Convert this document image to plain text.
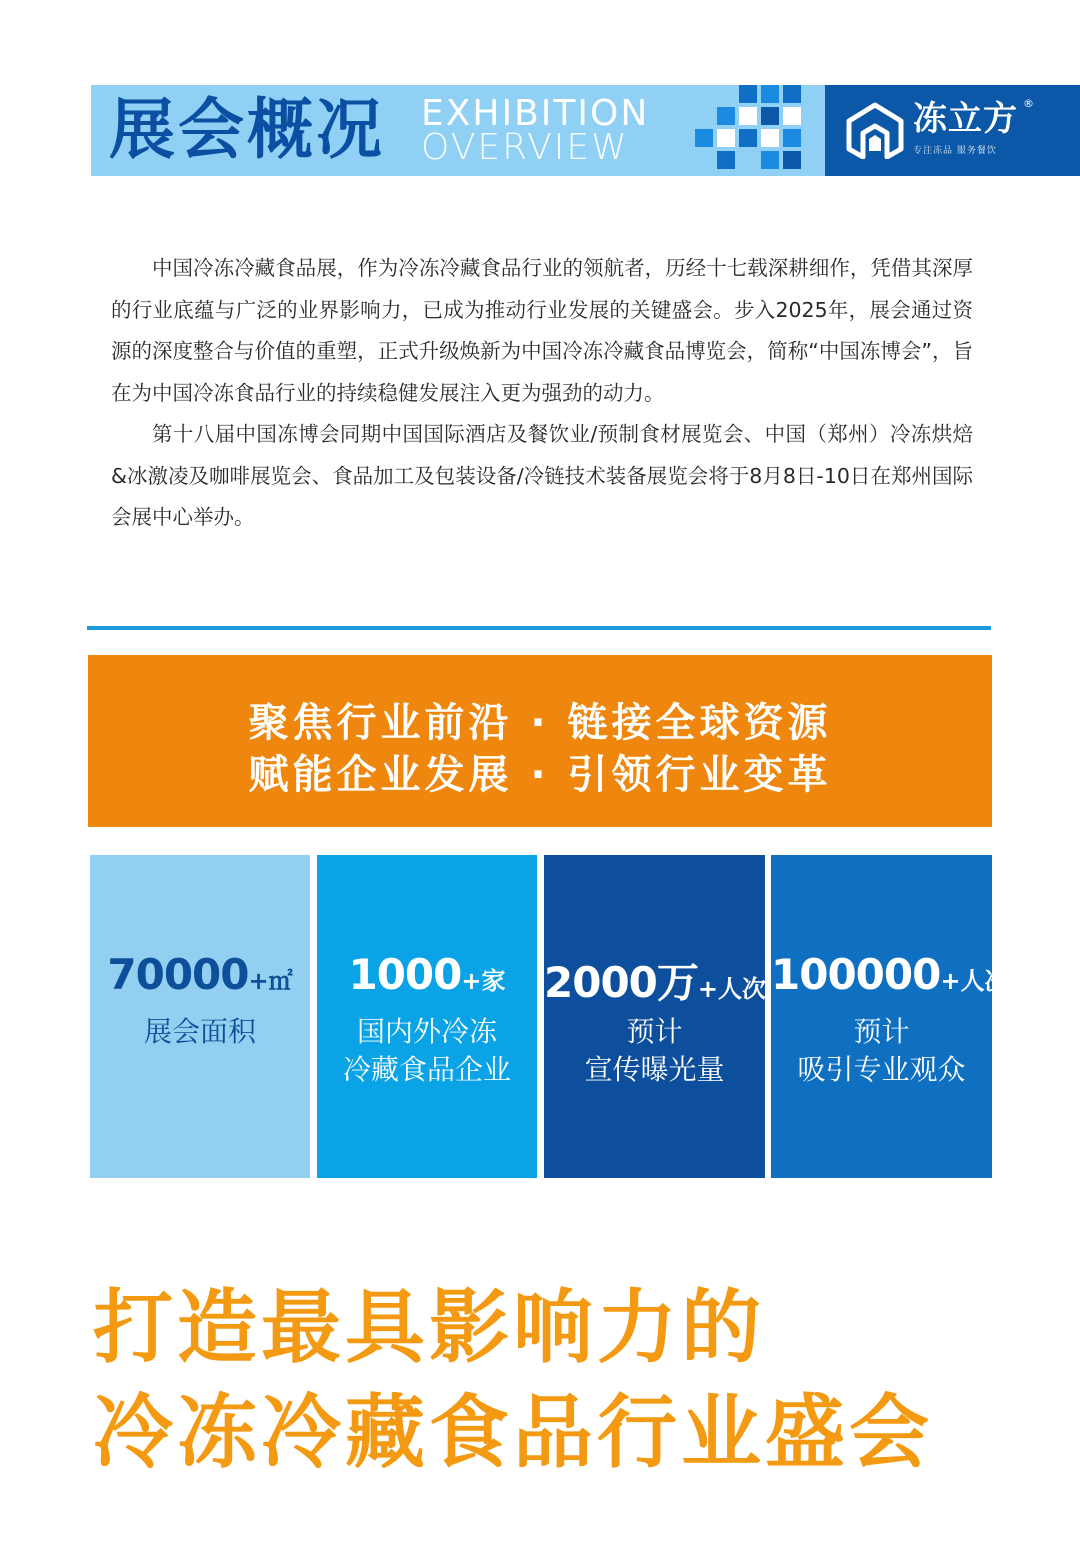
展会概况 EXHIBITION
OVERVIEW
冻立方 ®
专注冻品 服务餐饮

中国冷冻冷藏食品展，作为冷冻冷藏食品行业的领航者，历经十七载深耕细作，凭借其深厚的行业底蕴与广泛的业界影响力，已成为推动行业发展的关键盛会。步入2025年，展会通过资源的深度整合与价值的重塑，正式升级焕新为中国冷冻冷藏食品博览会，简称“中国冻博会”，旨在为中国冷冻食品行业的持续稳健发展注入更为强劲的动力。

第十八届中国冻博会同期中国国际酒店及餐饮业/预制食材展览会、中国（郑州）冷冻烘焙&冰激凌及咖啡展览会、食品加工及包装设备/冷链技术装备展览会将于8月8日-10日在郑州国际会展中心举办。

聚焦行业前沿 · 链接全球资源
赋能企业发展 · 引领行业变革
70000+㎡
展会面积
1000+家
国内外冷冻
冷藏食品企业
2000万+人次
预计
宣传曝光量
100000+人次
预计
吸引专业观众
打造最具影响力的
冷冻冷藏食品行业盛会
